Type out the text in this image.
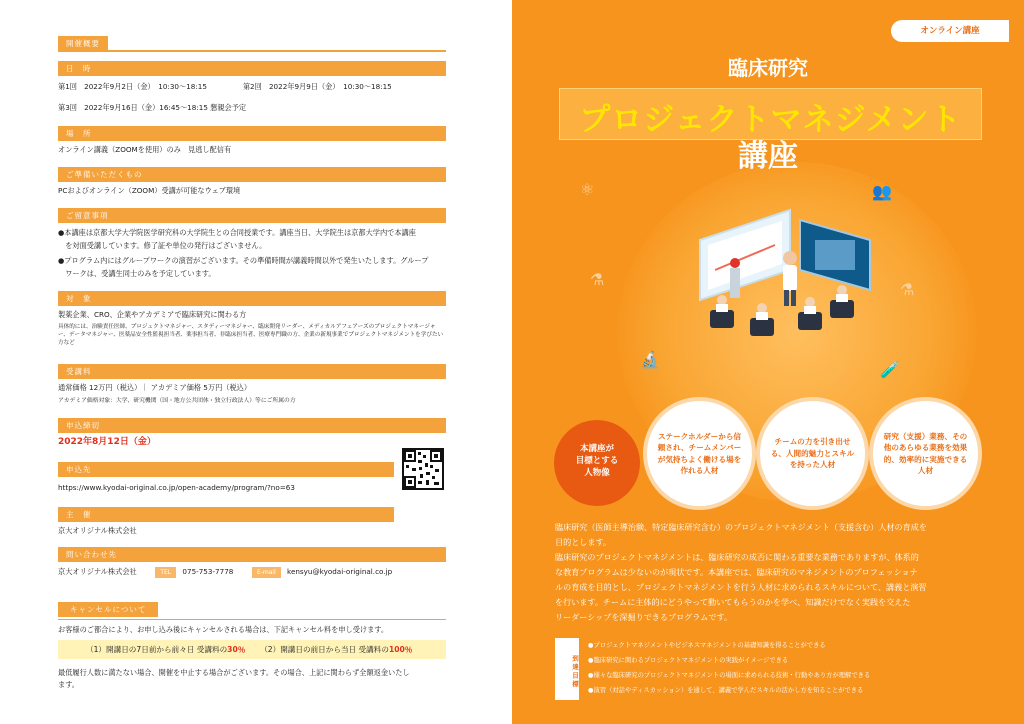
開催概要
日　時
第1回　2022年9月2日（金）　10:30～18:15　　　　　第2回　2022年9月9日（金）　10:30～18:15
第3回　2022年9月16日（金）16:45～18:15 懇親会予定
場　所
オンライン講義（ZOOMを使用）のみ　見逃し配信有
ご準備いただくもの
PCおよびオンライン（ZOOM）受講が可能なウェブ環境
ご留意事項
●本講座は京都大学大学院医学研究科の大学院生との合同授業です。講座当日、大学院生は京都大学内で本講座
　を対面受講しています。修了証や単位の発行はございません。
●プログラム内にはグループワークの演習がございます。その準備時間が講義時間以外で発生いたします。グループ
　ワークは、受講生同士のみを予定しています。
対　象
製薬企業、CRO、企業やアカデミアで臨床研究に関わる方
具体的には、治験責任医師、プロジェクトマネジャー、スタディーマネジャー、臨床開発リーダー、メディカルアフェアーズのプロジェクトマネージャー、データマネジャー、医薬品安全性監視担当者、薬事担当者、非臨床担当者、医療専門職の方、企業の新規事業でプロジェクトマネジメントを学びたい方など
受講料
通常価格 12万円（税込）｜ アカデミア価格 5万円（税込）
アカデミア価格対象：大学、研究機関（国・地方公共団体・独立行政法人）等にご所属の方
申込締切
2022年8月12日（金）
申込先
https://www.kyodai-original.co.jp/open-academy/program/?no=63
主　催
京大オリジナル株式会社
問い合わせ先
京大オリジナル株式会社	TEL 075-753-7778	E-mail kensyu@kyodai-original.co.jp
キャンセルについて
お客様のご都合により、お申し込み後にキャンセルされる場合は、下記キャンセル料を申し受けます。
（1）開講日の7日前から前々日 受講料の30％ （2）開講日の前日から当日 受講料の100％
最低履行人数に満たない場合、開催を中止する場合がございます。その場合、上記に関わらず全額返金いたし
ます。
⚛	👥
⚗
⚗
🔬
🧪
オンライン講座
臨床研究
プロジェクトマネジメント
講座
本講座が
目標とする
人物像
ステークホルダーから信頼され、チームメンバーが気持ちよく働ける場を作れる人材
チームの力を引き出せる、人間的魅力とスキルを持った人材
研究（支援）業務、その他のあらゆる業務を効果的、効率的に実施できる人材
臨床研究（医師主導治験、特定臨床研究含む）のプロジェクトマネジメント（支援含む）人材の育成を
目的とします。
臨床研究のプロジェクトマネジメントは、臨床研究の成否に関わる重要な業務でありますが、体系的
な教育プログラムは少ないのが現状です。本講座では、臨床研究のマネジメントのプロフェッショナ
ルの育成を目的とし、プロジェクトマネジメントを行う人材に求められるスキルについて、講義と演習
を行います。チームに主体的にどうやって動いてもらうのかを学べ、知識だけでなく実践を交えた
リーダーシップを深掘りできるプログラムです。
到達目標
●プロジェクトマネジメントやビジネスマネジメントの基礎知識を得ることができる
●臨床研究に関わるプロジェクトマネジメントの実践がイメージできる
●様々な臨床研究のプロジェクトマネジメントの場面に求められる技術・行動やあり方が理解できる
●演習（対話やディスカッション）を通して、講義で学んだスキルの活かし方を知ることができる
